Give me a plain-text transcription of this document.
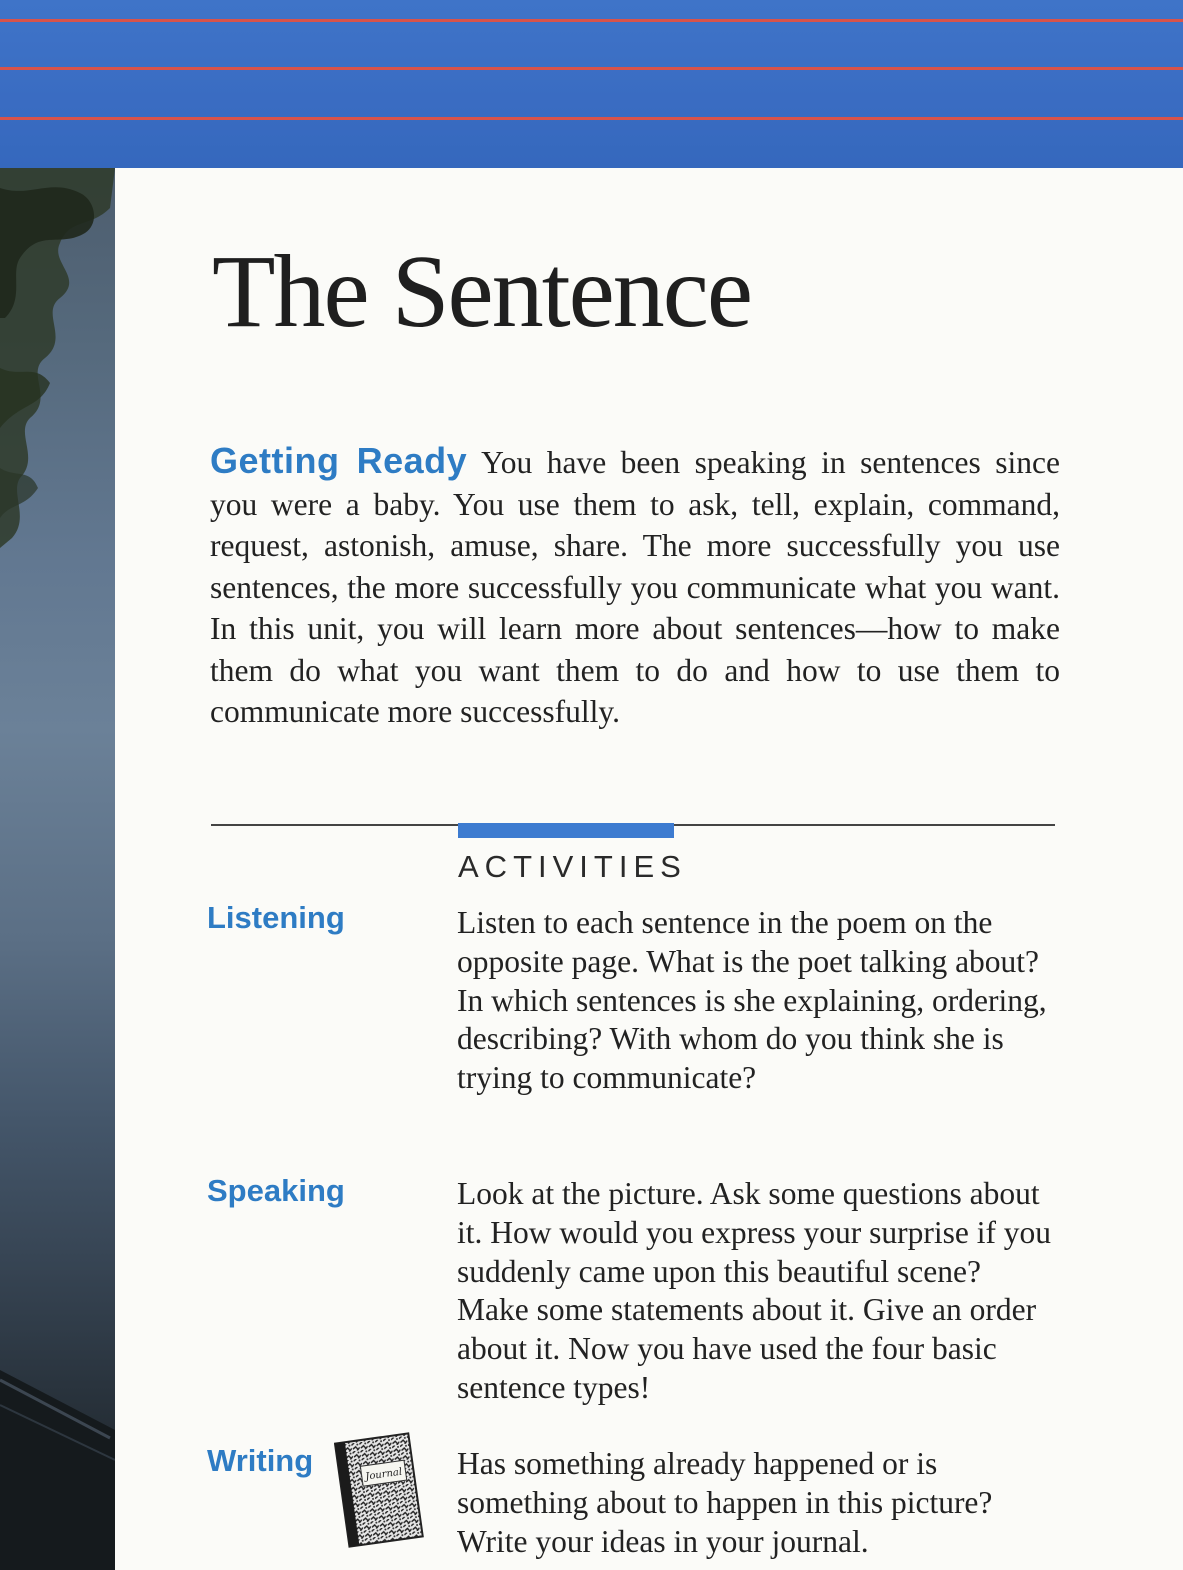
The Sentence

Getting Ready You have been speaking in sentences since you were a baby. You use them to ask, tell, explain, command, request, astonish, amuse, share. The more successfully you use sentences, the more successfully you communicate what you want. In this unit, you will learn more about sentences—how to make them do what you want them to do and how to use them to communicate more successfully.

ACTIVITIES
Listening	Listen to each sentence in the poem on the opposite page. What is the poet talking about? In which sentences is she explaining, ordering, describing? With whom do you think she is trying to communicate?

Speaking	Look at the picture. Ask some questions about it. How would you express your surprise if you suddenly came upon this beautiful scene? Make some statements about it. Give an order about it. Now you have used the four basic sentence types!

Writing	Journal Has something already happened or is something about to happen in this picture? Write your ideas in your journal.
